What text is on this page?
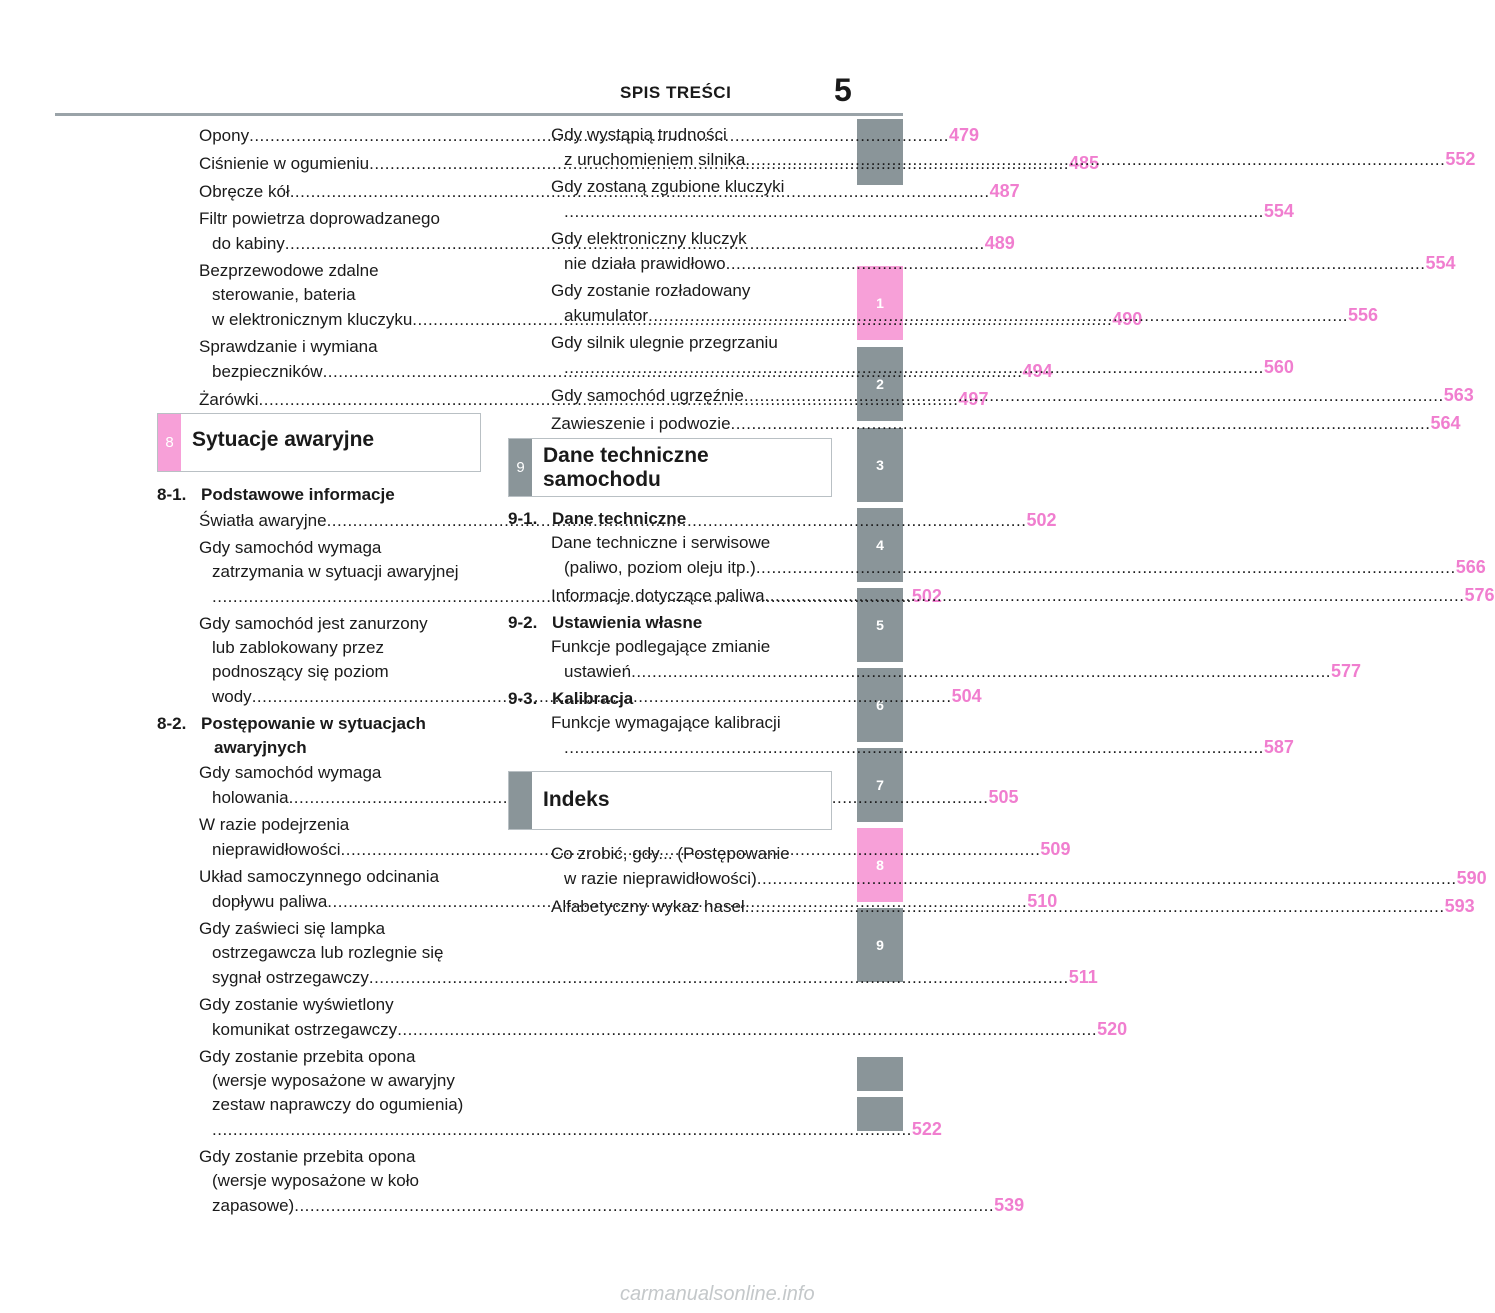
SPIS TREŚCI	5
1
2
3
4
5
6
7
8
9
Opony .....	479
Ciśnienie w ogumieniu .....	485
Obręcze kół .....	487
Filtr powietrza doprowadzanego
do kabiny .....	489
Bezprzewodowe zdalne
sterowanie, bateria
w elektronicznym kluczyku .....	490
Sprawdzanie i wymiana
bezpieczników .....	494
Żarówki .....	497
8 Sytuacje awaryjne
8-1. Podstawowe informacje
Światła awaryjne .....	502
Gdy samochód wymaga
zatrzymania w sytuacji awaryjnej
.....502
Gdy samochód jest zanurzony
lub zablokowany przez
podnoszący się poziom
wody .....	504
8-2. Postępowanie w sytuacjach
awaryjnych
Gdy samochód wymaga
holowania .....	505
W razie podejrzenia
nieprawidłowości .....	509
Układ samoczynnego odcinania
dopływu paliwa .....	510
Gdy zaświeci się lampka
ostrzegawcza lub rozlegnie się
sygnał ostrzegawczy .....	511
Gdy zostanie wyświetlony
komunikat ostrzegawczy .....	520
Gdy zostanie przebita opona
(wersje wyposażone w awaryjny
zestaw naprawczy do ogumienia)
.....522
Gdy zostanie przebita opona
(wersje wyposażone w koło
zapasowe) .....	539
Gdy wystąpią trudności
z uruchomieniem silnika .....	552
Gdy zostaną zgubione kluczyki
.....554
Gdy elektroniczny kluczyk
nie działa prawidłowo .....	554
Gdy zostanie rozładowany
akumulator .....	556
Gdy silnik ulegnie przegrzaniu
.....560
Gdy samochód ugrzęźnie .....	563
Zawieszenie i podwozie .....	564
9
Dane techniczne
samochodu
9-1. Dane techniczne
Dane techniczne i serwisowe
(paliwo, poziom oleju itp.) .....	566
Informacje dotyczące paliwa .....	576
9-2. Ustawienia własne
Funkcje podlegające zmianie
ustawień .....	577
9-3. Kalibracja
Funkcje wymagające kalibracji
.....587
Indeks
Co zrobić, gdy... (Postępowanie
w razie nieprawidłowości) .....	590
Alfabetyczny wykaz haseł .....	593
carmanualsonline.info
